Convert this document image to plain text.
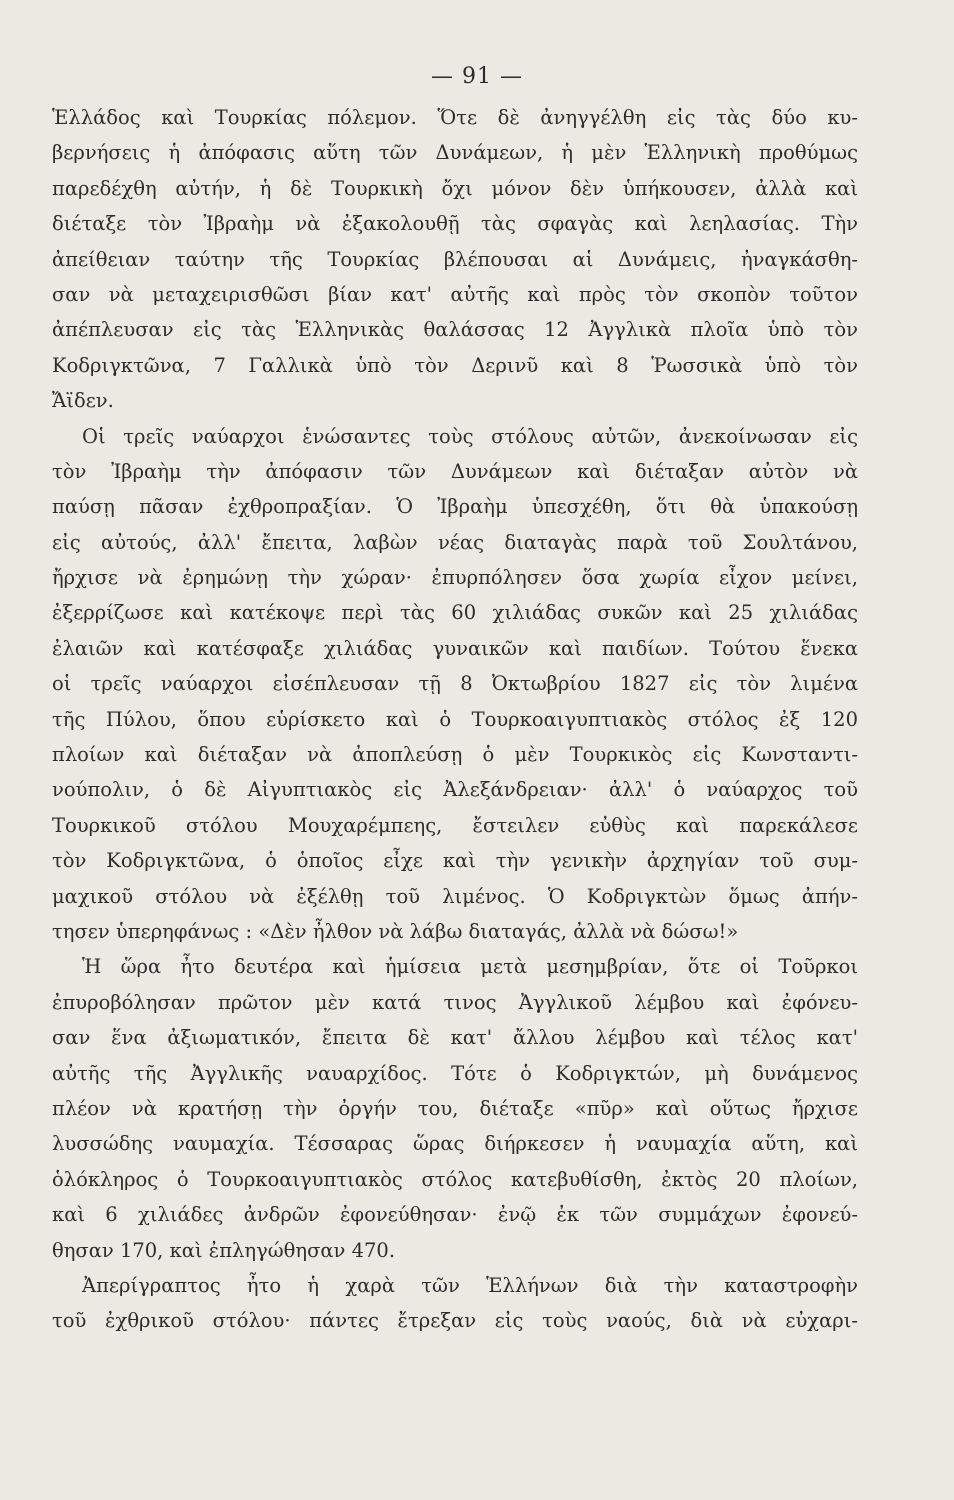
— 91 —
Ἑλλάδος καὶ Τουρκίας πόλεμον. Ὅτε δὲ ἀνηγγέλθη εἰς τὰς δύο κυ-
βερνήσεις ἡ ἀπόφασις αὕτη τῶν Δυνάμεων, ἡ μὲν Ἑλληνικὴ προθύμως
παρεδέχθη αὐτήν, ἡ δὲ Τουρκικὴ ὄχι μόνον δὲν ὑπήκουσεν, ἀλλὰ καὶ
διέταξε τὸν Ἰβραὴμ νὰ ἐξακολουθῇ τὰς σφαγὰς καὶ λεηλασίας. Τὴν
ἀπείθειαν ταύτην τῆς Τουρκίας βλέπουσαι αἱ Δυνάμεις, ἠναγκάσθη-
σαν νὰ μεταχειρισθῶσι βίαν κατ' αὐτῆς καὶ πρὸς τὸν σκοπὸν τοῦτον
ἀπέπλευσαν εἰς τὰς Ἑλληνικὰς θαλάσσας 12 Ἀγγλικὰ πλοῖα ὑπὸ τὸν
Κοδριγκτῶνα, 7 Γαλλικὰ ὑπὸ τὸν Δερινῦ καὶ 8 Ῥωσσικὰ ὑπὸ τὸν
Ἄϊδεν.
Οἱ τρεῖς ναύαρχοι ἑνώσαντες τοὺς στόλους αὐτῶν, ἀνεκοίνωσαν εἰς
τὸν Ἰβραὴμ τὴν ἀπόφασιν τῶν Δυνάμεων καὶ διέταξαν αὐτὸν νὰ
παύσῃ πᾶσαν ἐχθροπραξίαν. Ὁ Ἰβραὴμ ὑπεσχέθη, ὅτι θὰ ὑπακούσῃ
εἰς αὐτούς, ἀλλ' ἔπειτα, λαβὼν νέας διαταγὰς παρὰ τοῦ Σουλτάνου,
ἤρχισε νὰ ἐρημώνῃ τὴν χώραν· ἐπυρπόλησεν ὅσα χωρία εἶχον μείνει,
ἐξερρίζωσε καὶ κατέκοψε περὶ τὰς 60 χιλιάδας συκῶν καὶ 25 χιλιάδας
ἐλαιῶν καὶ κατέσφαξε χιλιάδας γυναικῶν καὶ παιδίων. Τούτου ἕνεκα
οἱ τρεῖς ναύαρχοι εἰσέπλευσαν τῇ 8 Ὀκτωβρίου 1827 εἰς τὸν λιμένα
τῆς Πύλου, ὅπου εὑρίσκετο καὶ ὁ Τουρκοαιγυπτιακὸς στόλος ἐξ 120
πλοίων καὶ διέταξαν νὰ ἀποπλεύσῃ ὁ μὲν Τουρκικὸς εἰς Κωνσταντι-
νούπολιν, ὁ δὲ Αἰγυπτιακὸς εἰς Ἀλεξάνδρειαν· ἀλλ' ὁ ναύαρχος τοῦ
Τουρκικοῦ στόλου Μουχαρέμπεης, ἔστειλεν εὐθὺς καὶ παρεκάλεσε
τὸν Κοδριγκτῶνα, ὁ ὁποῖος εἶχε καὶ τὴν γενικὴν ἀρχηγίαν τοῦ συμ-
μαχικοῦ στόλου νὰ ἐξέλθῃ τοῦ λιμένος. Ὁ Κοδριγκτὼν ὅμως ἀπήν-
τησεν ὑπερηφάνως : «Δὲν ἦλθον νὰ λάβω διαταγάς, ἀλλὰ νὰ δώσω!»
Ἡ ὥρα ἦτο δευτέρα καὶ ἡμίσεια μετὰ μεσημβρίαν, ὅτε οἱ Τοῦρκοι
ἐπυροβόλησαν πρῶτον μὲν κατά τινος Ἀγγλικοῦ λέμβου καὶ ἐφόνευ-
σαν ἕνα ἀξιωματικόν, ἔπειτα δὲ κατ' ἄλλου λέμβου καὶ τέλος κατ'
αὐτῆς τῆς Ἀγγλικῆς ναυαρχίδος. Τότε ὁ Κοδριγκτών, μὴ δυνάμενος
πλέον νὰ κρατήσῃ τὴν ὀργήν του, διέταξε «πῦρ» καὶ οὕτως ἤρχισε
λυσσώδης ναυμαχία. Τέσσαρας ὥρας διήρκεσεν ἡ ναυμαχία αὕτη, καὶ
ὁλόκληρος ὁ Τουρκοαιγυπτιακὸς στόλος κατεβυθίσθη, ἐκτὸς 20 πλοίων,
καὶ 6 χιλιάδες ἀνδρῶν ἐφονεύθησαν· ἐνῷ ἐκ τῶν συμμάχων ἐφονεύ-
θησαν 170, καὶ ἐπληγώθησαν 470.
Ἀπερίγραπτος ἦτο ἡ χαρὰ τῶν Ἑλλήνων διὰ τὴν καταστροφὴν
τοῦ ἐχθρικοῦ στόλου· πάντες ἔτρεξαν εἰς τοὺς ναούς, διὰ νὰ εὐχαρι-
